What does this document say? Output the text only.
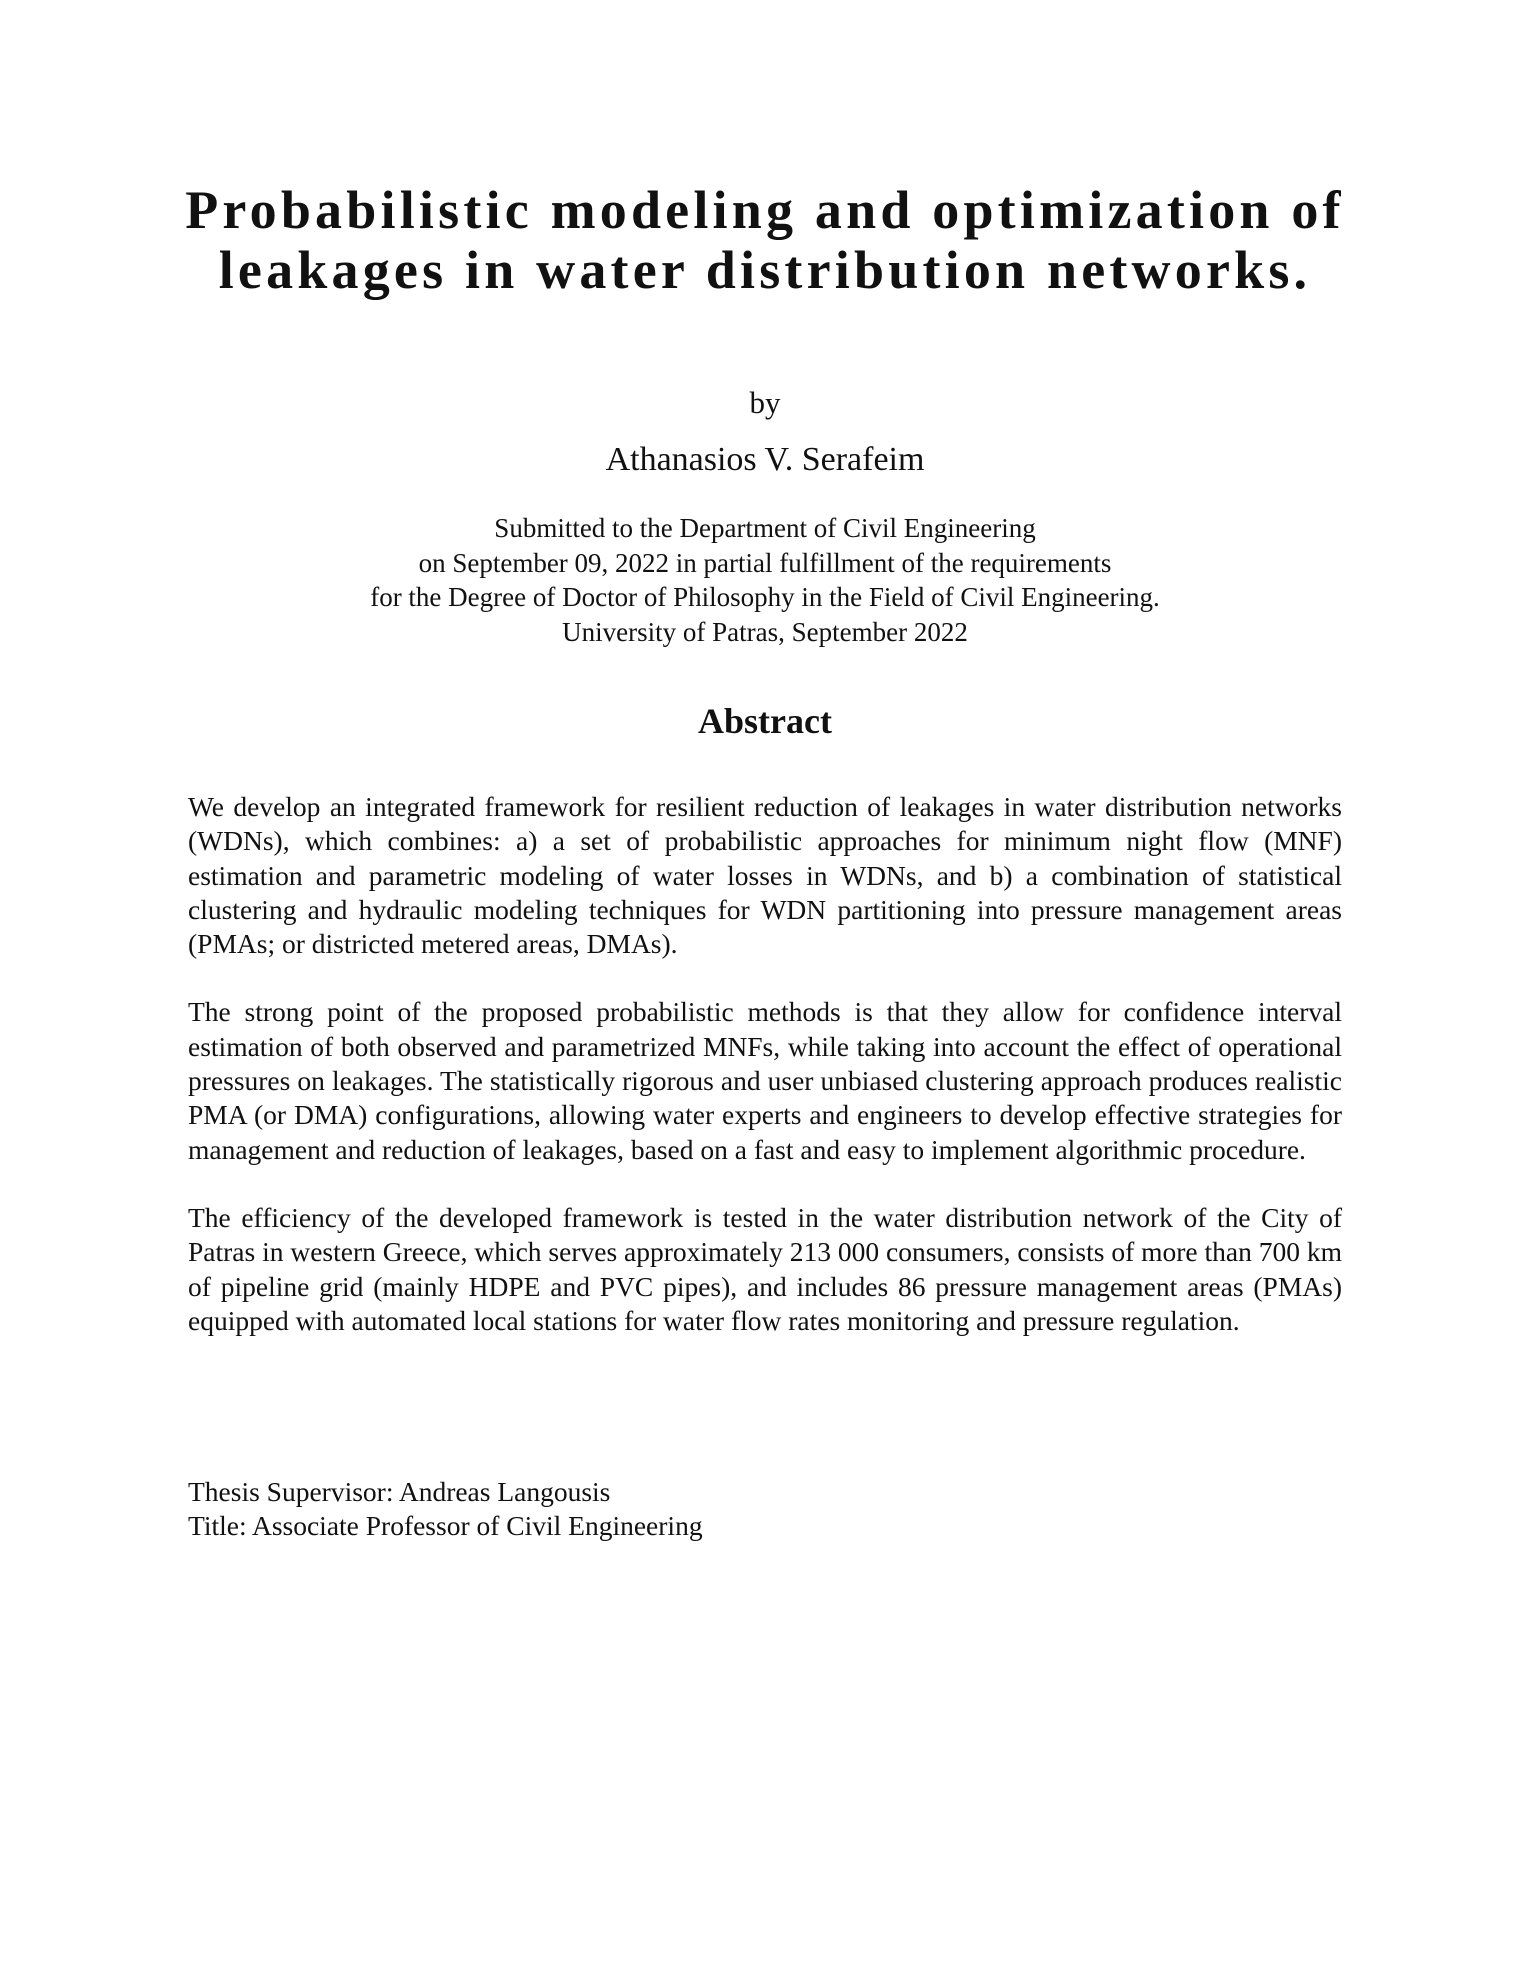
Probabilistic modeling and optimization of
leakages in water distribution networks.
by
Athanasios V. Serafeim
Submitted to the Department of Civil Engineering
on September 09, 2022 in partial fulfillment of the requirements
for the Degree of Doctor of Philosophy in the Field of Civil Engineering.
University of Patras, September 2022
Abstract

We develop an integrated framework for resilient reduction of leakages in water distribution networks (WDNs), which combines: a) a set of probabilistic approaches for minimum night flow (MNF) estimation and parametric modeling of water losses in WDNs, and b) a combination of statistical clustering and hydraulic modeling techniques for WDN partitioning into pressure management areas (PMAs; or districted metered areas, DMAs).

The strong point of the proposed probabilistic methods is that they allow for confidence interval estimation of both observed and parametrized MNFs, while taking into account the effect of operational pressures on leakages. The statistically rigorous and user unbiased clustering approach produces realistic PMA (or DMA) configurations, allowing water experts and engineers to develop effective strategies for management and reduction of leakages, based on a fast and easy to implement algorithmic procedure.

The efficiency of the developed framework is tested in the water distribution network of the City of Patras in western Greece, which serves approximately 213 000 consumers, consists of more than 700 km of pipeline grid (mainly HDPE and PVC pipes), and includes 86 pressure management areas (PMAs) equipped with automated local stations for water flow rates monitoring and pressure regulation.

Thesis Supervisor: Andreas Langousis
Title: Associate Professor of Civil Engineering
